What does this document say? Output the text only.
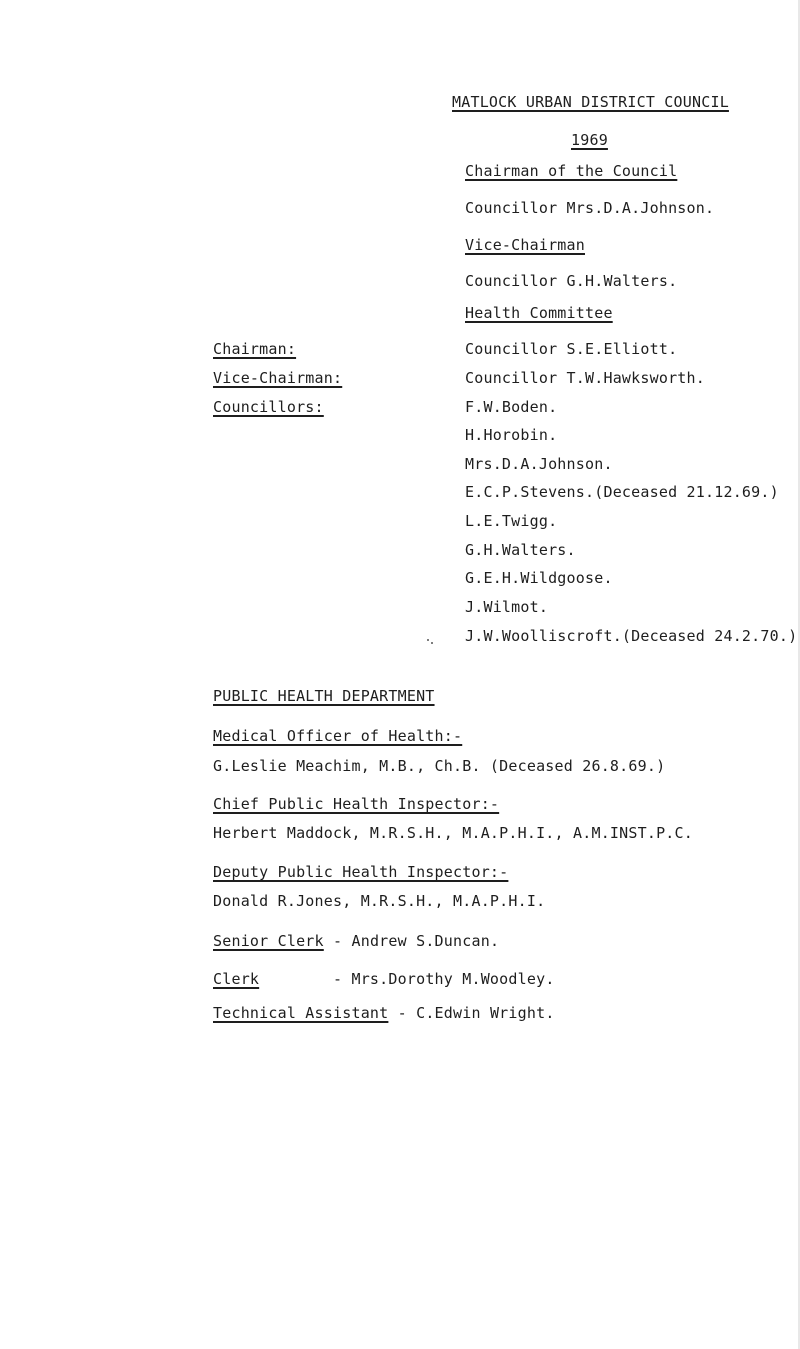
MATLOCK URBAN DISTRICT COUNCIL
1969
Chairman of the Council
Councillor Mrs.D.A.Johnson.
Vice-Chairman
Councillor G.H.Walters.
Health Committee
Chairman:	Councillor S.E.Elliott.
Vice-Chairman:	Councillor T.W.Hawksworth.
Councillors:	F.W.Boden.
H.Horobin.
Mrs.D.A.Johnson.
E.C.P.Stevens.(Deceased 21.12.69.)
L.E.Twigg.
G.H.Walters.
G.E.H.Wildgoose.
J.Wilmot.
J.W.Woolliscroft.(Deceased 24.2.70.)
PUBLIC HEALTH DEPARTMENT
Medical Officer of Health:-
G.Leslie Meachim, M.B., Ch.B. (Deceased 26.8.69.)
Chief Public Health Inspector:-
Herbert Maddock, M.R.S.H., M.A.P.H.I., A.M.INST.P.C.
Deputy Public Health Inspector:-
Donald R.Jones, M.R.S.H., M.A.P.H.I.
Senior Clerk - Andrew S.Duncan.
Clerk        - Mrs.Dorothy M.Woodley.
Technical Assistant - C.Edwin Wright.
